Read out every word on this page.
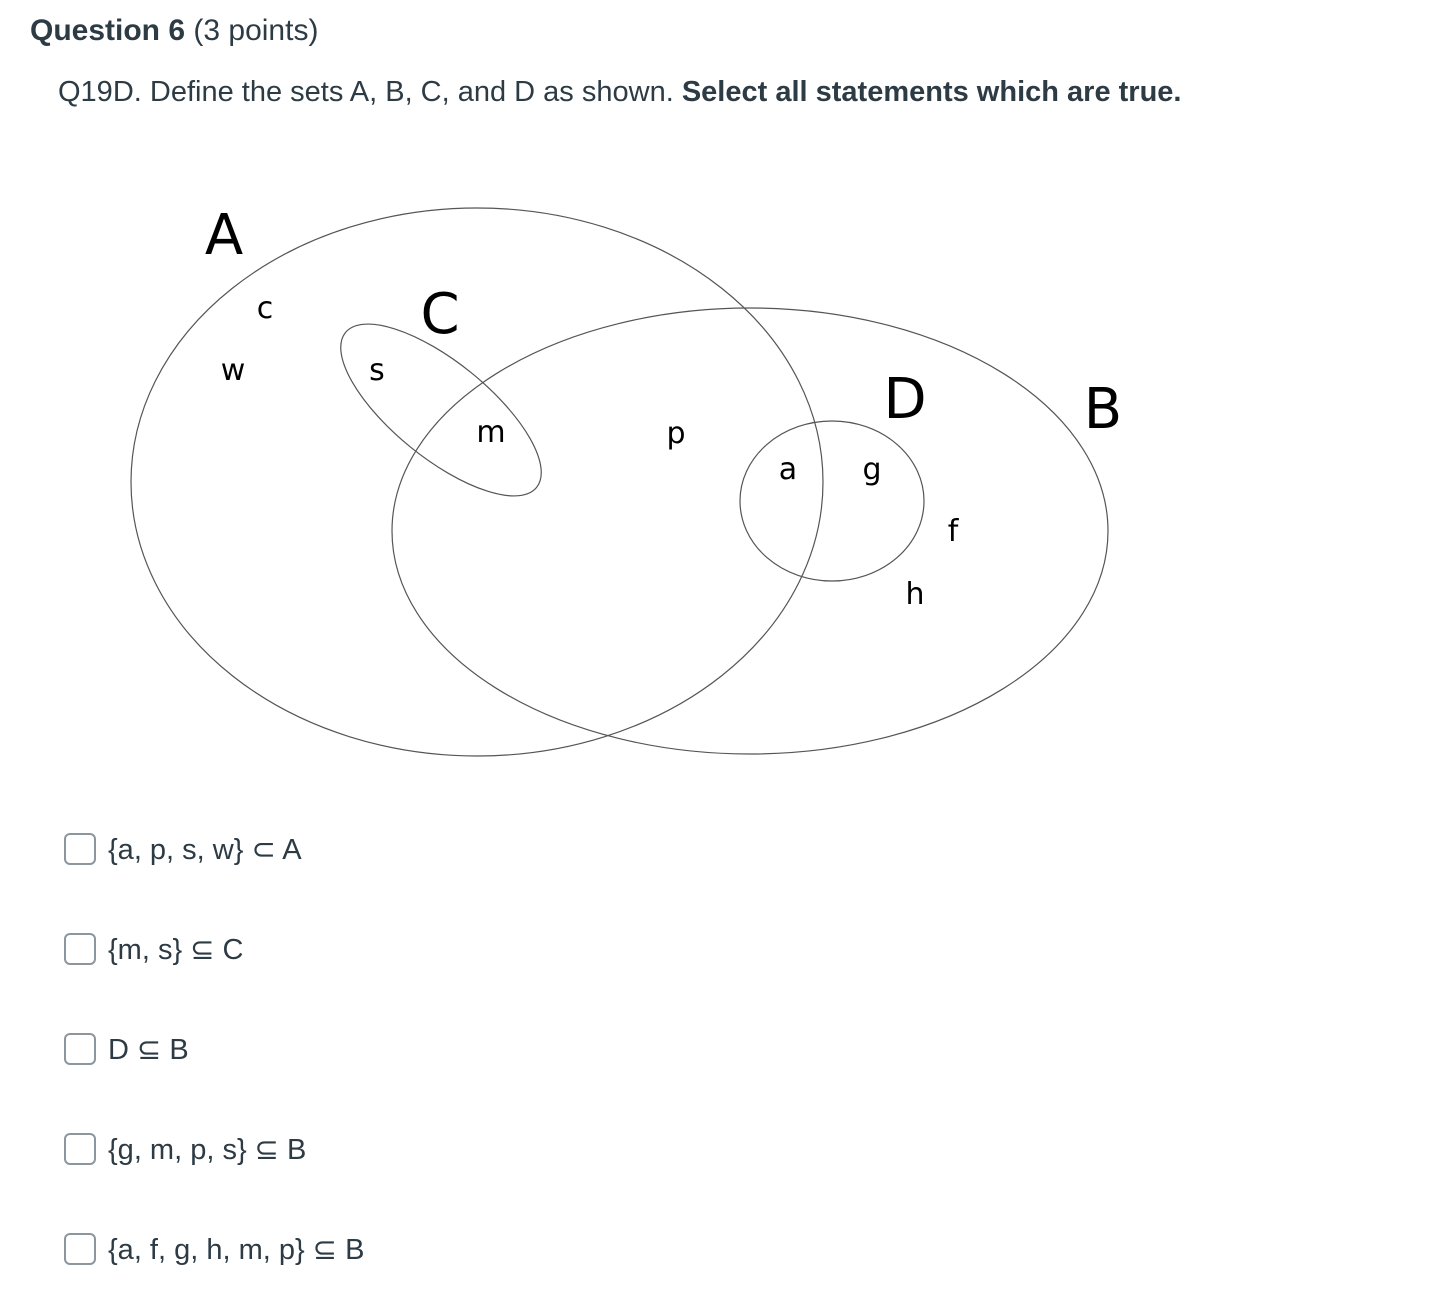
Question 6 (3 points)
Q19D. Define the sets A, B, C, and D as shown. Select all statements which are true.
A
C
D	B
c
w	s
m	p
a g
f
h
{a, p, s, w} ⊂ A
{m, s} ⊆ C
D ⊆ B
{g, m, p, s} ⊆ B
{a, f, g, h, m, p} ⊆ B
